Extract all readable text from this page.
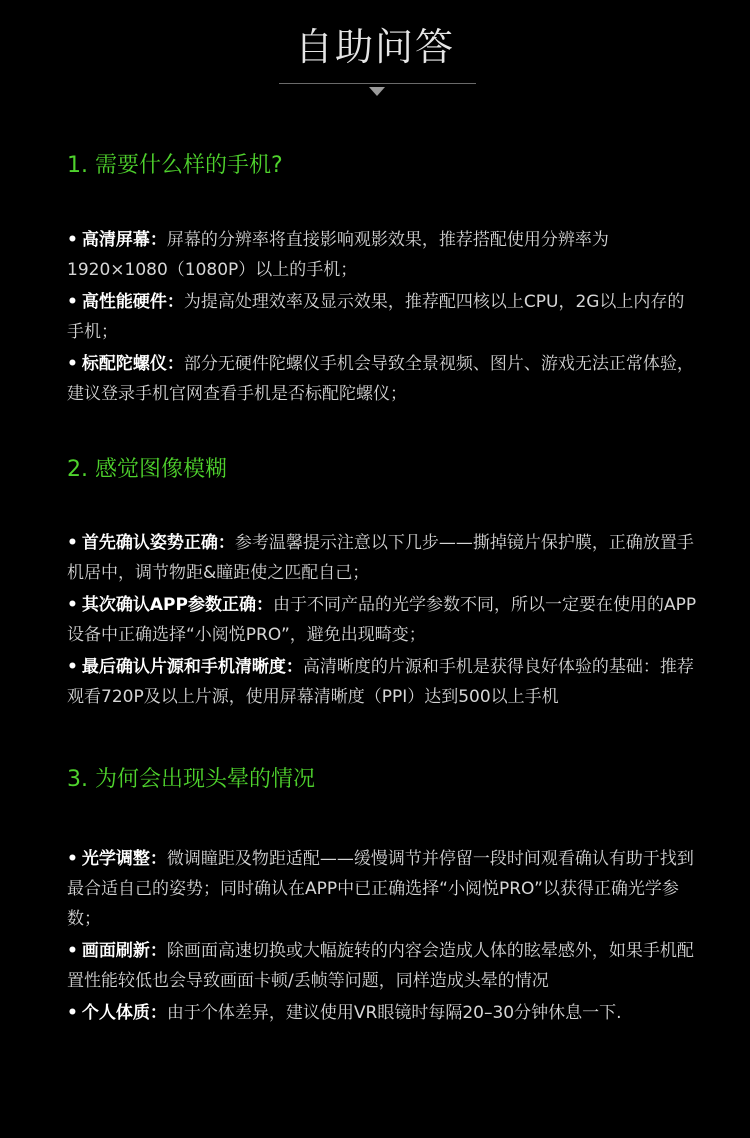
自助问答
1. 需要什么样的手机?

• 高清屏幕：屏幕的分辨率将直接影响观影效果，推荐搭配使用分辨率为1920×1080（1080P）以上的手机；

• 高性能硬件：为提高处理效率及显示效果，推荐配四核以上CPU，2G以上内存的手机；

• 标配陀螺仪：部分无硬件陀螺仪手机会导致全景视频、图片、游戏无法正常体验，建议登录手机官网查看手机是否标配陀螺仪；

2. 感觉图像模糊

• 首先确认姿势正确：参考温馨提示注意以下几步——撕掉镜片保护膜，正确放置手机居中，调节物距&瞳距使之匹配自己；

• 其次确认APP参数正确：由于不同产品的光学参数不同，所以一定要在使用的APP设备中正确选择“小阅悦PRO”，避免出现畸变；

• 最后确认片源和手机清晰度：高清晰度的片源和手机是获得良好体验的基础：推荐观看720P及以上片源，使用屏幕清晰度（PPI）达到500以上手机

3. 为何会出现头晕的情况

• 光学调整：微调瞳距及物距适配——缓慢调节并停留一段时间观看确认有助于找到最合适自己的姿势；同时确认在APP中已正确选择“小阅悦PRO”以获得正确光学参数；

• 画面刷新：除画面高速切换或大幅旋转的内容会造成人体的眩晕感外，如果手机配置性能较低也会导致画面卡顿/丢帧等问题，同样造成头晕的情况

• 个人体质：由于个体差异，建议使用VR眼镜时每隔20–30分钟休息一下.
